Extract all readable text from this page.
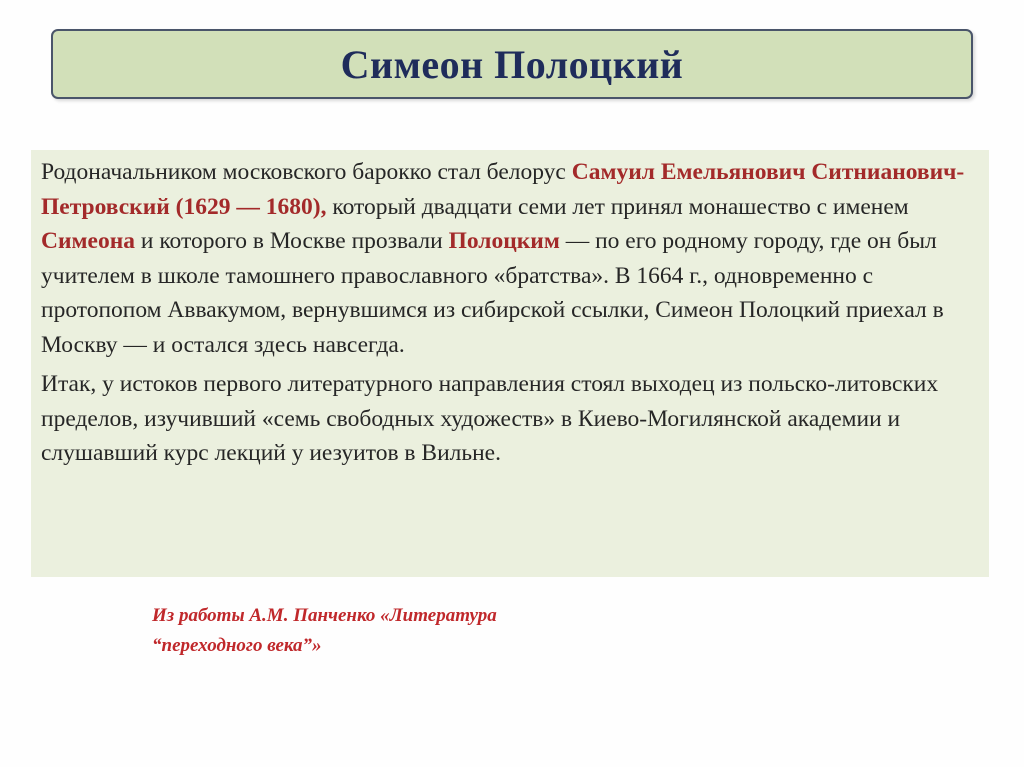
Симеон Полоцкий

Родоначальником московского барокко стал белорус Самуил Емельянович Ситнианович-Петровский (1629 — 1680), который двадцати семи лет принял монашество с именем Симеона и которого в Москве прозвали Полоцким — по его родному городу, где он был учителем в школе тамошнего православного «братства». В 1664 г., одновременно с протопопом Аввакумом, вернувшимся из сибирской ссылки, Симеон Полоцкий приехал в Москву — и остался здесь навсегда.

Итак, у истоков первого литературного направления стоял выходец из польско-литовских пределов, изучивший «семь свободных художеств» в Киево-Могилянской академии и слушавший курс лекций у иезуитов в Вильне.

Из работы А.М. Панченко «Литература
“переходного века”»
